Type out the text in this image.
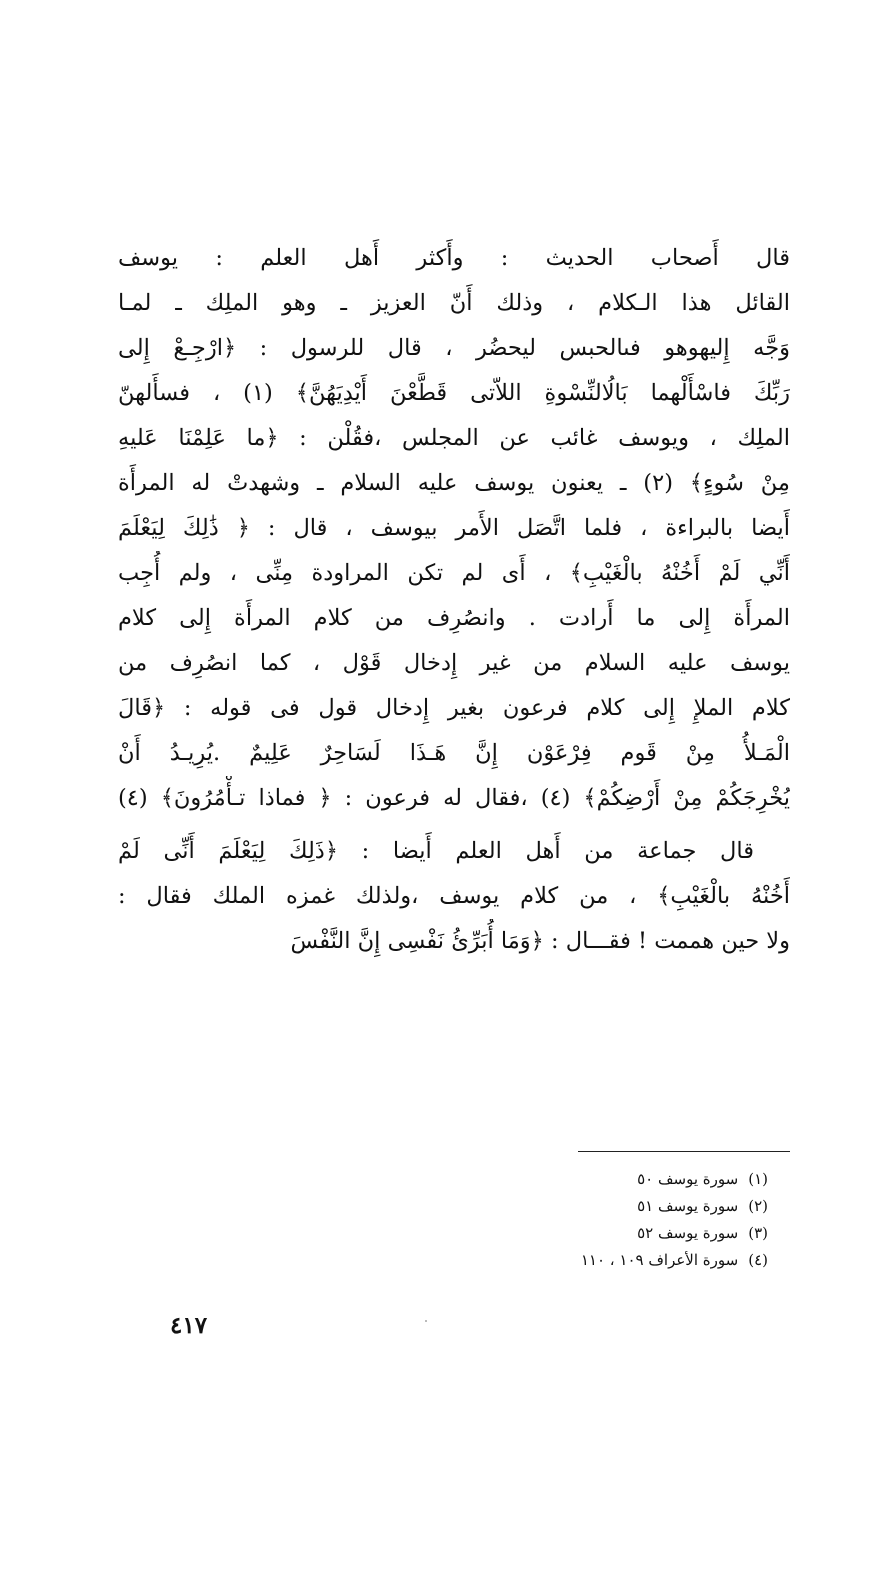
قال أَصحاب الحديث : وأَكثر أَهل العلم : يوسف
القائل هذا الـكلام ، وذلك أَنّ العزيز ـ وهو الملِك ـ لمـا
وَجَّه إِليهوهو فىالحبس ليحضُر ، قال للرسول : ﴿ارْجِـعْ إِلى
رَبِّكَ فاسْأَلْهما بَالُالنِّسْوةِ اللاّتى قَطَّعْنَ أَيْدِيَهُنَّ﴾ (١) ، فسأَلهنّ
الملِك ، ويوسف غائب عن المجلس ،فقُلْن : ﴿ما عَلِمْنَا عَليهِ
مِنْ سُوءٍ﴾ (٢) ـ يعنون يوسف عليه السلام ـ وشهدتْ له المرأَة
أَيضا بالبراءة ، فلما اتَّصَل الأَمر بيوسف ، قال : ﴿ ذَٰلِكَ لِيَعْلَمَ
أَنِّي لَمْ أَخُنْهُ بالْغَيْبِ﴾ ، أَى لم تكن المراودة مِنِّى ، ولم أُجِب
المرأَة إِلى ما أَرادت . وانصُرِف من كلام المرأَة إِلى كلام
يوسف عليه السلام من غير إِدخال قَوْل ، كما انصُرِف من
كلام الملإِ إِلى كلام فرعون بغير إِدخال قول فى قوله : ﴿قَالَ
الْمَـلأُ مِنْ قَوم فِرْعَوْن إِنَّ هَـذَا لَسَاحِرٌ عَلِيمٌ .يُرِيـدُ أَنْ
يُخْرِجَكُمْ مِنْ أَرْضِكُمْ﴾ (٤) ،فقال له فرعون : ﴿ فماذا تـأْمُرُونَ﴾ (٤)
قال جماعة من أَهل العلم أَيضا : ﴿ذَلِكَ لِيَعْلَمَ أَنِّى لَمْ
أَخُنْهُ بالْغَيْبِ﴾ ، من كلام يوسف ،ولذلك غمزه الملك فقال :
ولا حين هممت ! فقـــال : ﴿وَمَا أُبَرِّئُ نَفْسِى إِنَّ النَّفْسَ
(١)سورة يوسف ٥٠
(٢)سورة يوسف ٥١
(٣)سورة يوسف ٥٢
(٤)سورة الأعراف ١٠٩ ، ١١٠
٤١٧
